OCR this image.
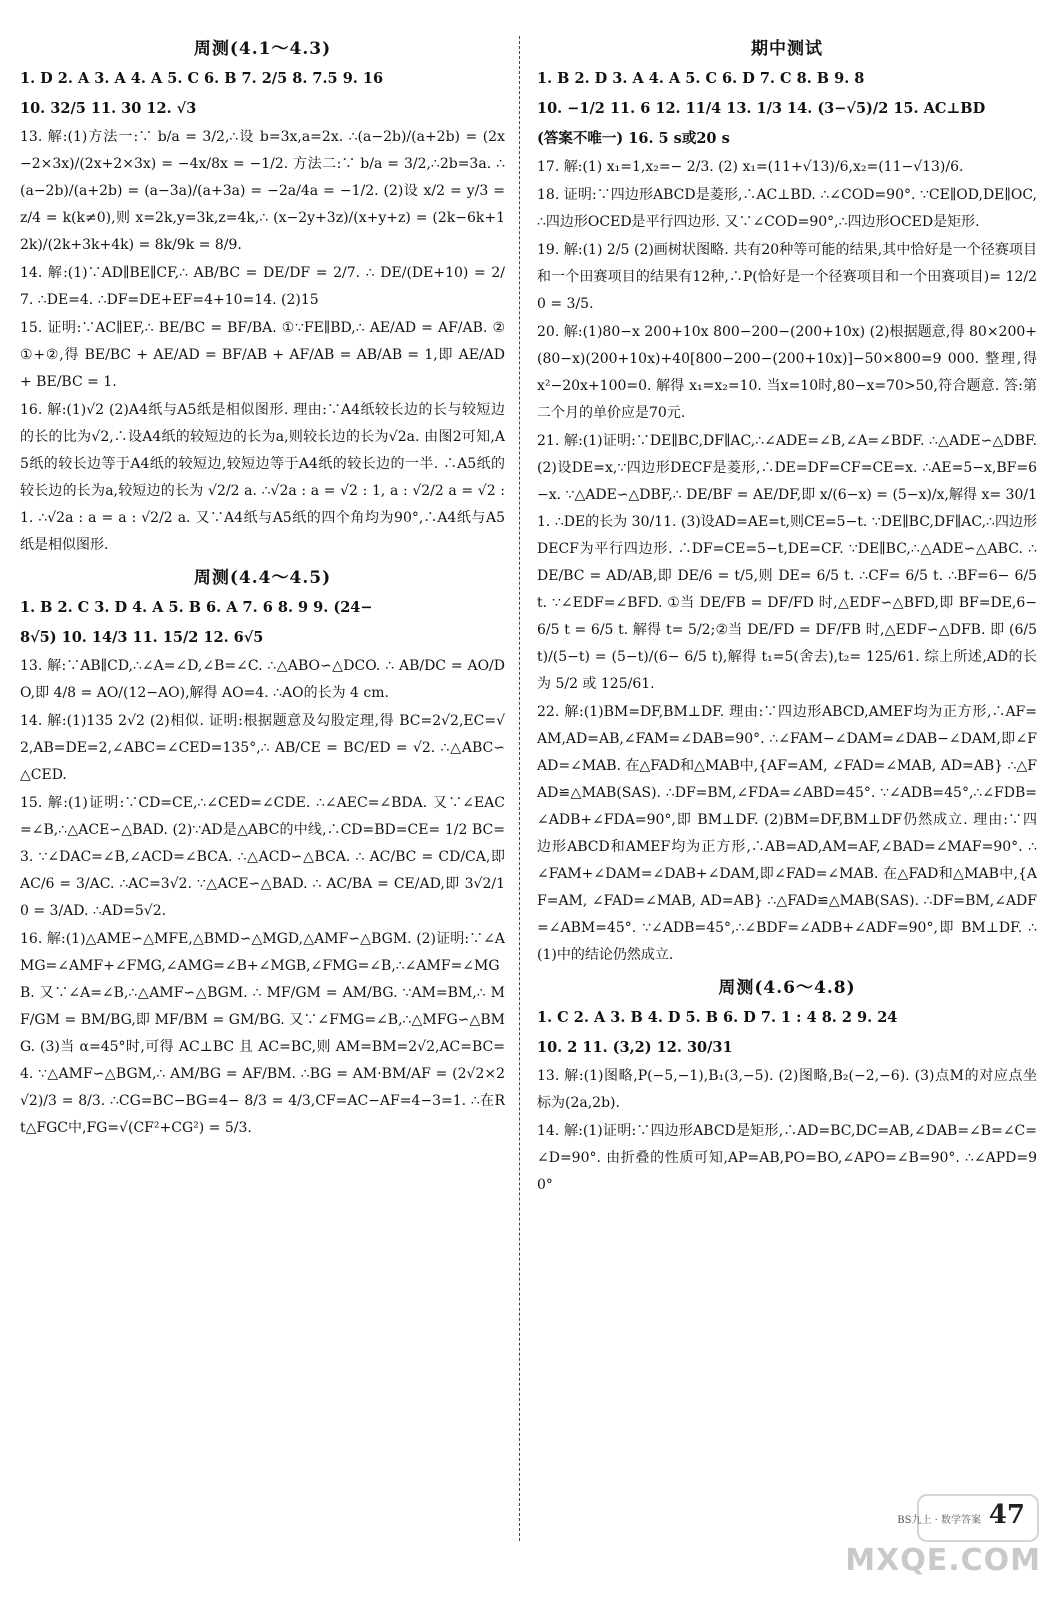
周测(4.1～4.3)
1. D 2. A 3. A 4. A 5. C 6. B 7. 2/5 8. 7.5 9. 16
10. 32/5 11. 30 12. √3

13. 解:(1)方法一:∵ b/a = 3/2,∴设 b=3x,a=2x. ∴(a−2b)/(a+2b) = (2x−2×3x)/(2x+2×3x) = −4x/8x = −1/2. 方法二:∵ b/a = 3/2,∴2b=3a. ∴(a−2b)/(a+2b) = (a−3a)/(a+3a) = −2a/4a = −1/2. (2)设 x/2 = y/3 = z/4 = k(k≠0),则 x=2k,y=3k,z=4k,∴ (x−2y+3z)/(x+y+z) = (2k−6k+12k)/(2k+3k+4k) = 8k/9k = 8/9.

14. 解:(1)∵AD∥BE∥CF,∴ AB/BC = DE/DF = 2/7. ∴ DE/(DE+10) = 2/7. ∴DE=4. ∴DF=DE+EF=4+10=14. (2)15

15. 证明:∵AC∥EF,∴ BE/BC = BF/BA. ①∵FE∥BD,∴ AE/AD = AF/AB. ② ①+②,得 BE/BC + AE/AD = BF/AB + AF/AB = AB/AB = 1,即 AE/AD + BE/BC = 1.

16. 解:(1)√2 (2)A4纸与A5纸是相似图形. 理由:∵A4纸较长边的长与较短边的长的比为√2,∴设A4纸的较短边的长为a,则较长边的长为√2a. 由图2可知,A5纸的较长边等于A4纸的较短边,较短边等于A4纸的较长边的一半. ∴A5纸的较长边的长为a,较短边的长为 √2/2 a. ∴√2a : a = √2 : 1, a : √2/2 a = √2 : 1. ∴√2a : a = a : √2/2 a. 又∵A4纸与A5纸的四个角均为90°,∴A4纸与A5纸是相似图形.

周测(4.4～4.5)
1. B 2. C 3. D 4. A 5. B 6. A 7. 6 8. 9 9. (24−
8√5) 10. 14/3 11. 15/2 12. 6√5

13. 解:∵AB∥CD,∴∠A=∠D,∠B=∠C. ∴△ABO∽△DCO. ∴ AB/DC = AO/DO,即 4/8 = AO/(12−AO),解得 AO=4. ∴AO的长为 4 cm.

14. 解:(1)135 2√2 (2)相似. 证明:根据题意及勾股定理,得 BC=2√2,EC=√2,AB=DE=2,∠ABC=∠CED=135°,∴ AB/CE = BC/ED = √2. ∴△ABC∽△CED.

15. 解:(1)证明:∵CD=CE,∴∠CED=∠CDE. ∴∠AEC=∠BDA. 又∵∠EAC=∠B,∴△ACE∽△BAD. (2)∵AD是△ABC的中线,∴CD=BD=CE= 1/2 BC=3. ∵∠DAC=∠B,∠ACD=∠BCA. ∴△ACD∽△BCA. ∴ AC/BC = CD/CA,即 AC/6 = 3/AC. ∴AC=3√2. ∵△ACE∽△BAD. ∴ AC/BA = CE/AD,即 3√2/10 = 3/AD. ∴AD=5√2.

16. 解:(1)△AME∽△MFE,△BMD∽△MGD,△AMF∽△BGM. (2)证明:∵∠AMG=∠AMF+∠FMG,∠AMG=∠B+∠MGB,∠FMG=∠B,∴∠AMF=∠MGB. 又∵∠A=∠B,∴△AMF∽△BGM. ∴ MF/GM = AM/BG. ∵AM=BM,∴ MF/GM = BM/BG,即 MF/BM = GM/BG. 又∵∠FMG=∠B,∴△MFG∽△BMG. (3)当 α=45°时,可得 AC⊥BC 且 AC=BC,则 AM=BM=2√2,AC=BC=4. ∵△AMF∽△BGM,∴ AM/BG = AF/BM. ∴BG = AM·BM/AF = (2√2×2√2)/3 = 8/3. ∴CG=BC−BG=4− 8/3 = 4/3,CF=AC−AF=4−3=1. ∴在Rt△FGC中,FG=√(CF²+CG²) = 5/3.

期中测试
1. B 2. D 3. A 4. A 5. C 6. D 7. C 8. B 9. 8
10. −1/2 11. 6 12. 11/4 13. 1/3 14. (3−√5)/2 15. AC⊥BD
(答案不唯一) 16. 5 s或20 s

17. 解:(1) x₁=1,x₂=− 2/3. (2) x₁=(11+√13)/6,x₂=(11−√13)/6.

18. 证明:∵四边形ABCD是菱形,∴AC⊥BD. ∴∠COD=90°. ∵CE∥OD,DE∥OC,∴四边形OCED是平行四边形. 又∵∠COD=90°,∴四边形OCED是矩形.

19. 解:(1) 2/5 (2)画树状图略. 共有20种等可能的结果,其中恰好是一个径赛项目和一个田赛项目的结果有12种,∴P(恰好是一个径赛项目和一个田赛项目)= 12/20 = 3/5.

20. 解:(1)80−x 200+10x 800−200−(200+10x) (2)根据题意,得 80×200+(80−x)(200+10x)+40[800−200−(200+10x)]−50×800=9 000. 整理,得 x²−20x+100=0. 解得 x₁=x₂=10. 当x=10时,80−x=70>50,符合题意. 答:第二个月的单价应是70元.

21. 解:(1)证明:∵DE∥BC,DF∥AC,∴∠ADE=∠B,∠A=∠BDF. ∴△ADE∽△DBF. (2)设DE=x,∵四边形DECF是菱形,∴DE=DF=CF=CE=x. ∴AE=5−x,BF=6−x. ∵△ADE∽△DBF,∴ DE/BF = AE/DF,即 x/(6−x) = (5−x)/x,解得 x= 30/11. ∴DE的长为 30/11. (3)设AD=AE=t,则CE=5−t. ∵DE∥BC,DF∥AC,∴四边形DECF为平行四边形. ∴DF=CE=5−t,DE=CF. ∵DE∥BC,∴△ADE∽△ABC. ∴ DE/BC = AD/AB,即 DE/6 = t/5,则 DE= 6/5 t. ∴CF= 6/5 t. ∴BF=6− 6/5 t. ∵∠EDF=∠BFD. ①当 DE/FB = DF/FD 时,△EDF∽△BFD,即 BF=DE,6− 6/5 t = 6/5 t. 解得 t= 5/2;②当 DE/FD = DF/FB 时,△EDF∽△DFB. 即 (6/5 t)/(5−t) = (5−t)/(6− 6/5 t),解得 t₁=5(舍去),t₂= 125/61. 综上所述,AD的长为 5/2 或 125/61.

22. 解:(1)BM=DF,BM⊥DF. 理由:∵四边形ABCD,AMEF均为正方形,∴AF=AM,AD=AB,∠FAM=∠DAB=90°. ∴∠FAM−∠DAM=∠DAB−∠DAM,即∠FAD=∠MAB. 在△FAD和△MAB中,{AF=AM, ∠FAD=∠MAB, AD=AB} ∴△FAD≌△MAB(SAS). ∴DF=BM,∠FDA=∠ABD=45°. ∵∠ADB=45°,∴∠FDB=∠ADB+∠FDA=90°,即 BM⊥DF. (2)BM=DF,BM⊥DF仍然成立. 理由:∵四边形ABCD和AMEF均为正方形,∴AB=AD,AM=AF,∠BAD=∠MAF=90°. ∴∠FAM+∠DAM=∠DAB+∠DAM,即∠FAD=∠MAB. 在△FAD和△MAB中,{AF=AM, ∠FAD=∠MAB, AD=AB} ∴△FAD≌△MAB(SAS). ∴DF=BM,∠ADF=∠ABM=45°. ∵∠ADB=45°,∴∠BDF=∠ADB+∠ADF=90°,即 BM⊥DF. ∴(1)中的结论仍然成立.

周测(4.6～4.8)
1. C 2. A 3. B 4. D 5. B 6. D 7. 1 : 4 8. 2 9. 24
10. 2 11. (3,2) 12. 30/31

13. 解:(1)图略,P(−5,−1),B₁(3,−5). (2)图略,B₂(−2,−6). (3)点M的对应点坐标为(2a,2b).

14. 解:(1)证明:∵四边形ABCD是矩形,∴AD=BC,DC=AB,∠DAB=∠B=∠C=∠D=90°. 由折叠的性质可知,AP=AB,PO=BO,∠APO=∠B=90°. ∴∠APD=90°

BS九上 · 数学答案 47
MXQE.COM
